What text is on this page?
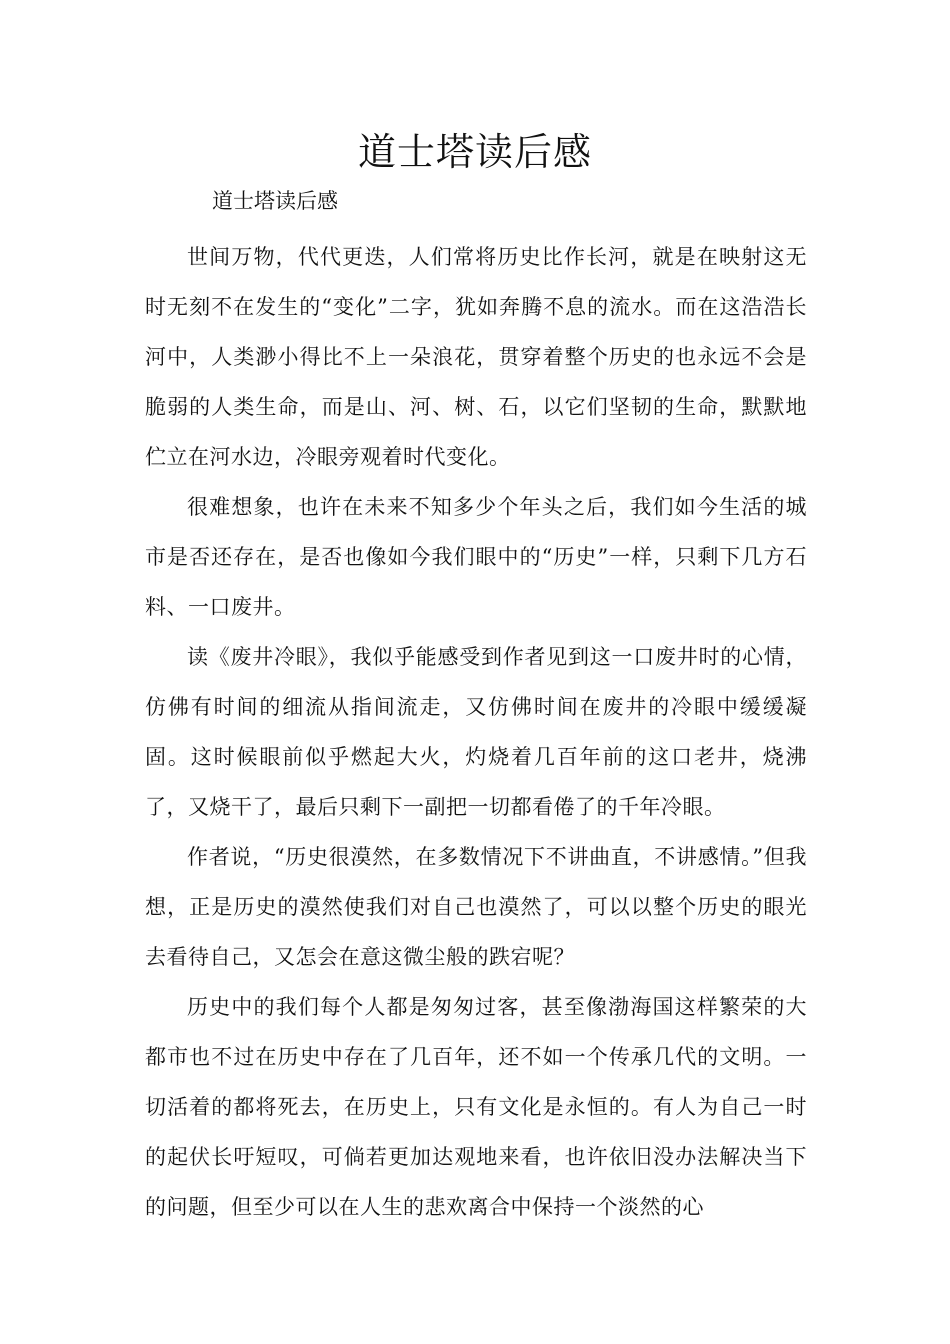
道士塔读后感
道士塔读后感

世间万物，代代更迭，人们常将历史比作长河，就是在映射这无时无刻不在发生的“变化”二字，犹如奔腾不息的流水。而在这浩浩长河中，人类渺小得比不上一朵浪花，贯穿着整个历史的也永远不会是脆弱的人类生命，而是山、河、树、石，以它们坚韧的生命，默默地伫立在河水边，冷眼旁观着时代变化。

很难想象，也许在未来不知多少个年头之后，我们如今生活的城市是否还存在，是否也像如今我们眼中的“历史”一样，只剩下几方石料、一口废井。

读《废井冷眼》，我似乎能感受到作者见到这一口废井时的心情，仿佛有时间的细流从指间流走，又仿佛时间在废井的冷眼中缓缓凝固。这时候眼前似乎燃起大火，灼烧着几百年前的这口老井，烧沸了，又烧干了，最后只剩下一副把一切都看倦了的千年冷眼。

作者说，“历史很漠然，在多数情况下不讲曲直，不讲感情。”但我想，正是历史的漠然使我们对自己也漠然了，可以以整个历史的眼光去看待自己，又怎会在意这微尘般的跌宕呢？

历史中的我们每个人都是匆匆过客，甚至像渤海国这样繁荣的大都市也不过在历史中存在了几百年，还不如一个传承几代的文明。一切活着的都将死去，在历史上，只有文化是永恒的。有人为自己一时的起伏长吁短叹，可倘若更加达观地来看，也许依旧没办法解决当下的问题，但至少可以在人生的悲欢离合中保持一个淡然的心
